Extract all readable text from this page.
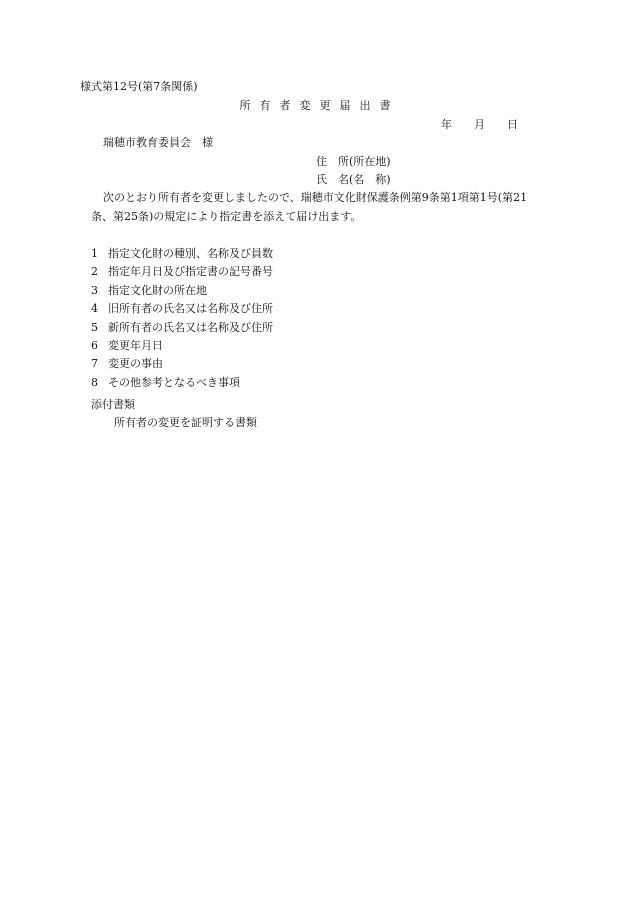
様式第12号(第7条関係)
所有者変更届出書
年 月 日
瑞穂市教育委員会　様
住　所(所在地)
氏　名(名　称)
次のとおり所有者を変更しましたので、瑞穂市文化財保護条例第9条第1項第1号(第21
条、第25条)の規定により指定書を添えて届け出ます。
1 指定文化財の種別、名称及び員数
2 指定年月日及び指定書の記号番号
3 指定文化財の所在地
4 旧所有者の氏名又は名称及び住所
5 新所有者の氏名又は名称及び住所
6 変更年月日
7 変更の事由
8 その他参考となるべき事項
添付書類
所有者の変更を証明する書類
